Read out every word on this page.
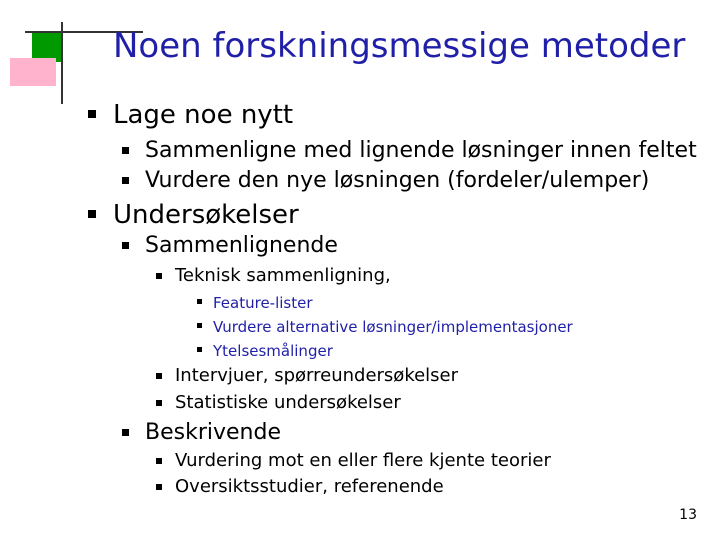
Noen forskningsmessige metoder
Lage noe nytt
Sammenligne med lignende løsninger innen feltet
Vurdere den nye løsningen (fordeler/ulemper)
Undersøkelser
Sammenlignende
Teknisk sammenligning,
Feature-lister
Vurdere alternative løsninger/implementasjoner
Ytelsesmålinger
Intervjuer, spørreundersøkelser
Statistiske undersøkelser
Beskrivende
Vurdering mot en eller flere kjente teorier
Oversiktsstudier, referenende
13
